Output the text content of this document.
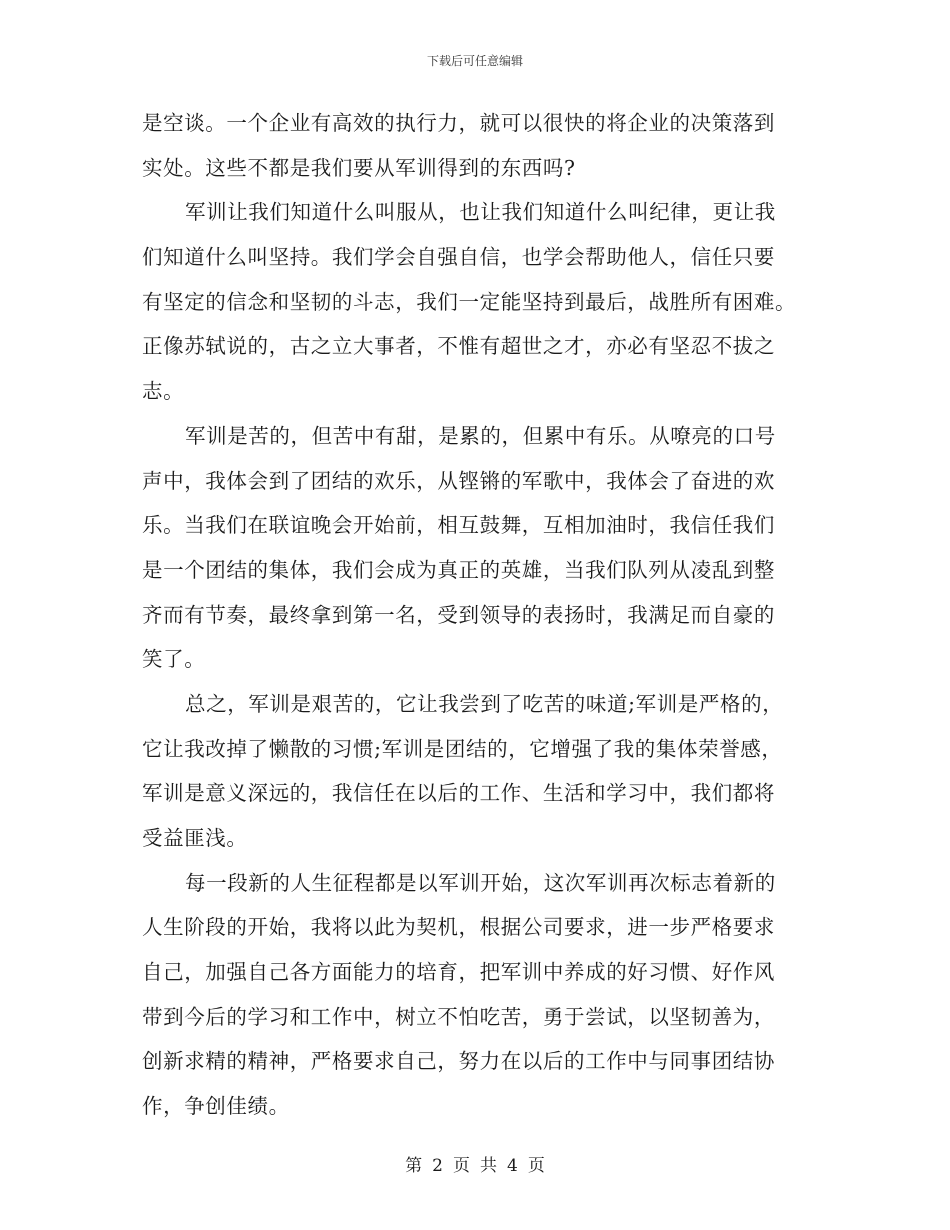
下载后可任意编辑
是空谈。一个企业有高效的执行力，就可以很快的将企业的决策落到
实处。这些不都是我们要从军训得到的东西吗?
军训让我们知道什么叫服从，也让我们知道什么叫纪律，更让我
们知道什么叫坚持。我们学会自强自信，也学会帮助他人，信任只要
有坚定的信念和坚韧的斗志，我们一定能坚持到最后，战胜所有困难。
正像苏轼说的，古之立大事者，不惟有超世之才，亦必有坚忍不拔之
志。
军训是苦的，但苦中有甜，是累的，但累中有乐。从嘹亮的口号
声中，我体会到了团结的欢乐，从铿锵的军歌中，我体会了奋进的欢
乐。当我们在联谊晚会开始前，相互鼓舞，互相加油时，我信任我们
是一个团结的集体，我们会成为真正的英雄，当我们队列从凌乱到整
齐而有节奏，最终拿到第一名，受到领导的表扬时，我满足而自豪的
笑了。
总之，军训是艰苦的，它让我尝到了吃苦的味道;军训是严格的，
它让我改掉了懒散的习惯;军训是团结的，它增强了我的集体荣誉感，
军训是意义深远的，我信任在以后的工作、生活和学习中，我们都将
受益匪浅。
每一段新的人生征程都是以军训开始，这次军训再次标志着新的
人生阶段的开始，我将以此为契机，根据公司要求，进一步严格要求
自己，加强自己各方面能力的培育，把军训中养成的好习惯、好作风
带到今后的学习和工作中，树立不怕吃苦，勇于尝试，以坚韧善为，
创新求精的精神，严格要求自己，努力在以后的工作中与同事团结协
作，争创佳绩。
第 2 页 共 4 页
